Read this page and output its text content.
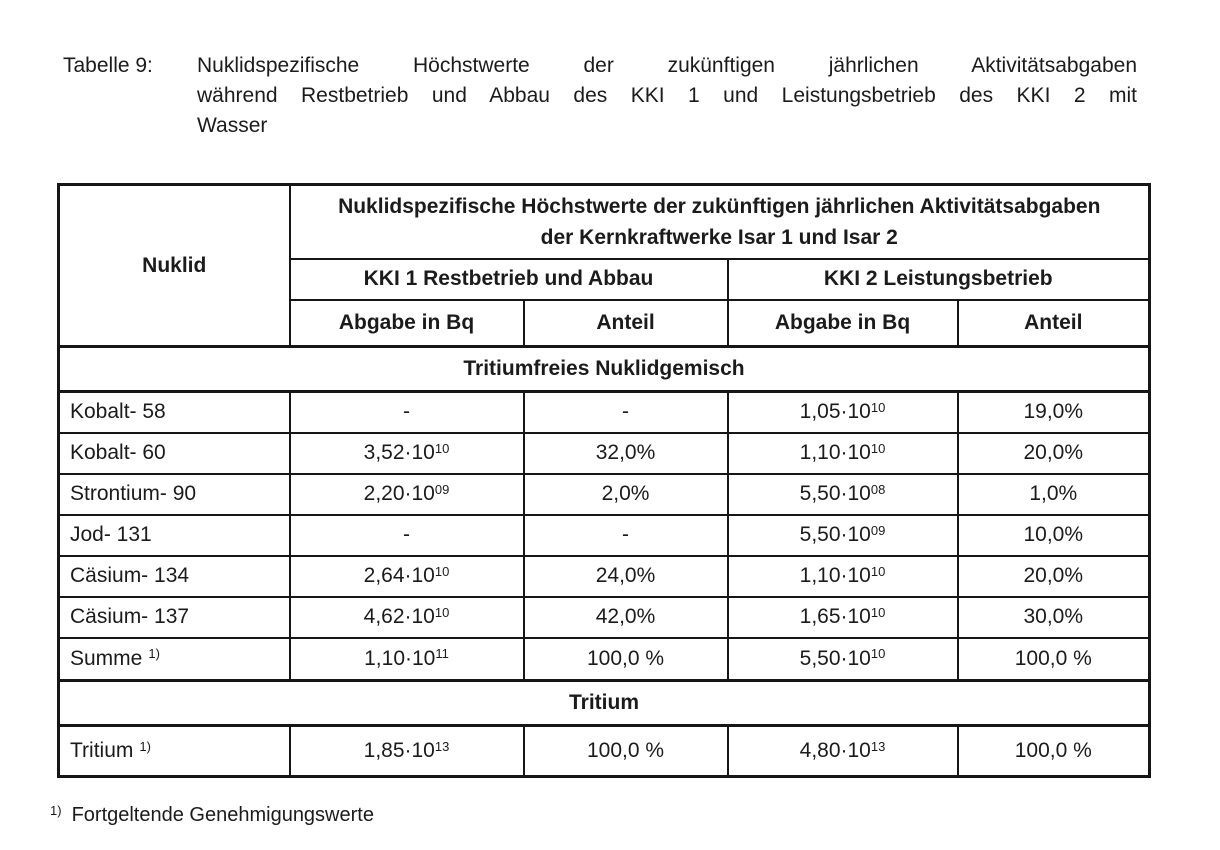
Tabelle 9: Nuklidspezifische Höchstwerte der zukünftigen jährlichen Aktivitätsabgaben
während Restbetrieb und Abbau des KKI 1 und Leistungsbetrieb des KKI 2 mit
Wasser
Nuklid	Nuklidspezifische Höchstwerte der zukünftigen jährlichen Aktivitätsabgaben der Kernkraftwerke Isar 1 und Isar 2			
	KKI 1 Restbetrieb und Abbau		KKI 2 Leistungsbetrieb	
	Abgabe in Bq	Anteil	Abgabe in Bq	Anteil
Tritiumfreies Nuklidgemisch				
Kobalt- 58	-	-	$1,05\cdot 10^{10}$	19,0%
Kobalt- 60	$3,52\cdot 10^{10}$	32,0%	$1,10\cdot 10^{10}$	20,0%
Strontium- 90	$2,20\cdot 10^{09}$	2,0%	$5,50\cdot 10^{08}$	1,0%
Jod- 131	-	-	$5,50\cdot 10^{09}$	10,0%
Cäsium- 134	$2,64\cdot 10^{10}$	24,0%	$1,10\cdot 10^{10}$	20,0%
Cäsium- 137	$4,62\cdot 10^{10}$	42,0%	$1,65\cdot 10^{10}$	30,0%
Summe $^{1)}$	$1,10\cdot 10^{11}$	100,0 %	$5,50\cdot 10^{10}$	100,0 %
Tritium				
Tritium $^{1)}$	$1,85\cdot 10^{13}$	100,0 %	$4,80\cdot 10^{13}$	100,0 %
$^{1)}$ Fortgeltende Genehmigungswerte
